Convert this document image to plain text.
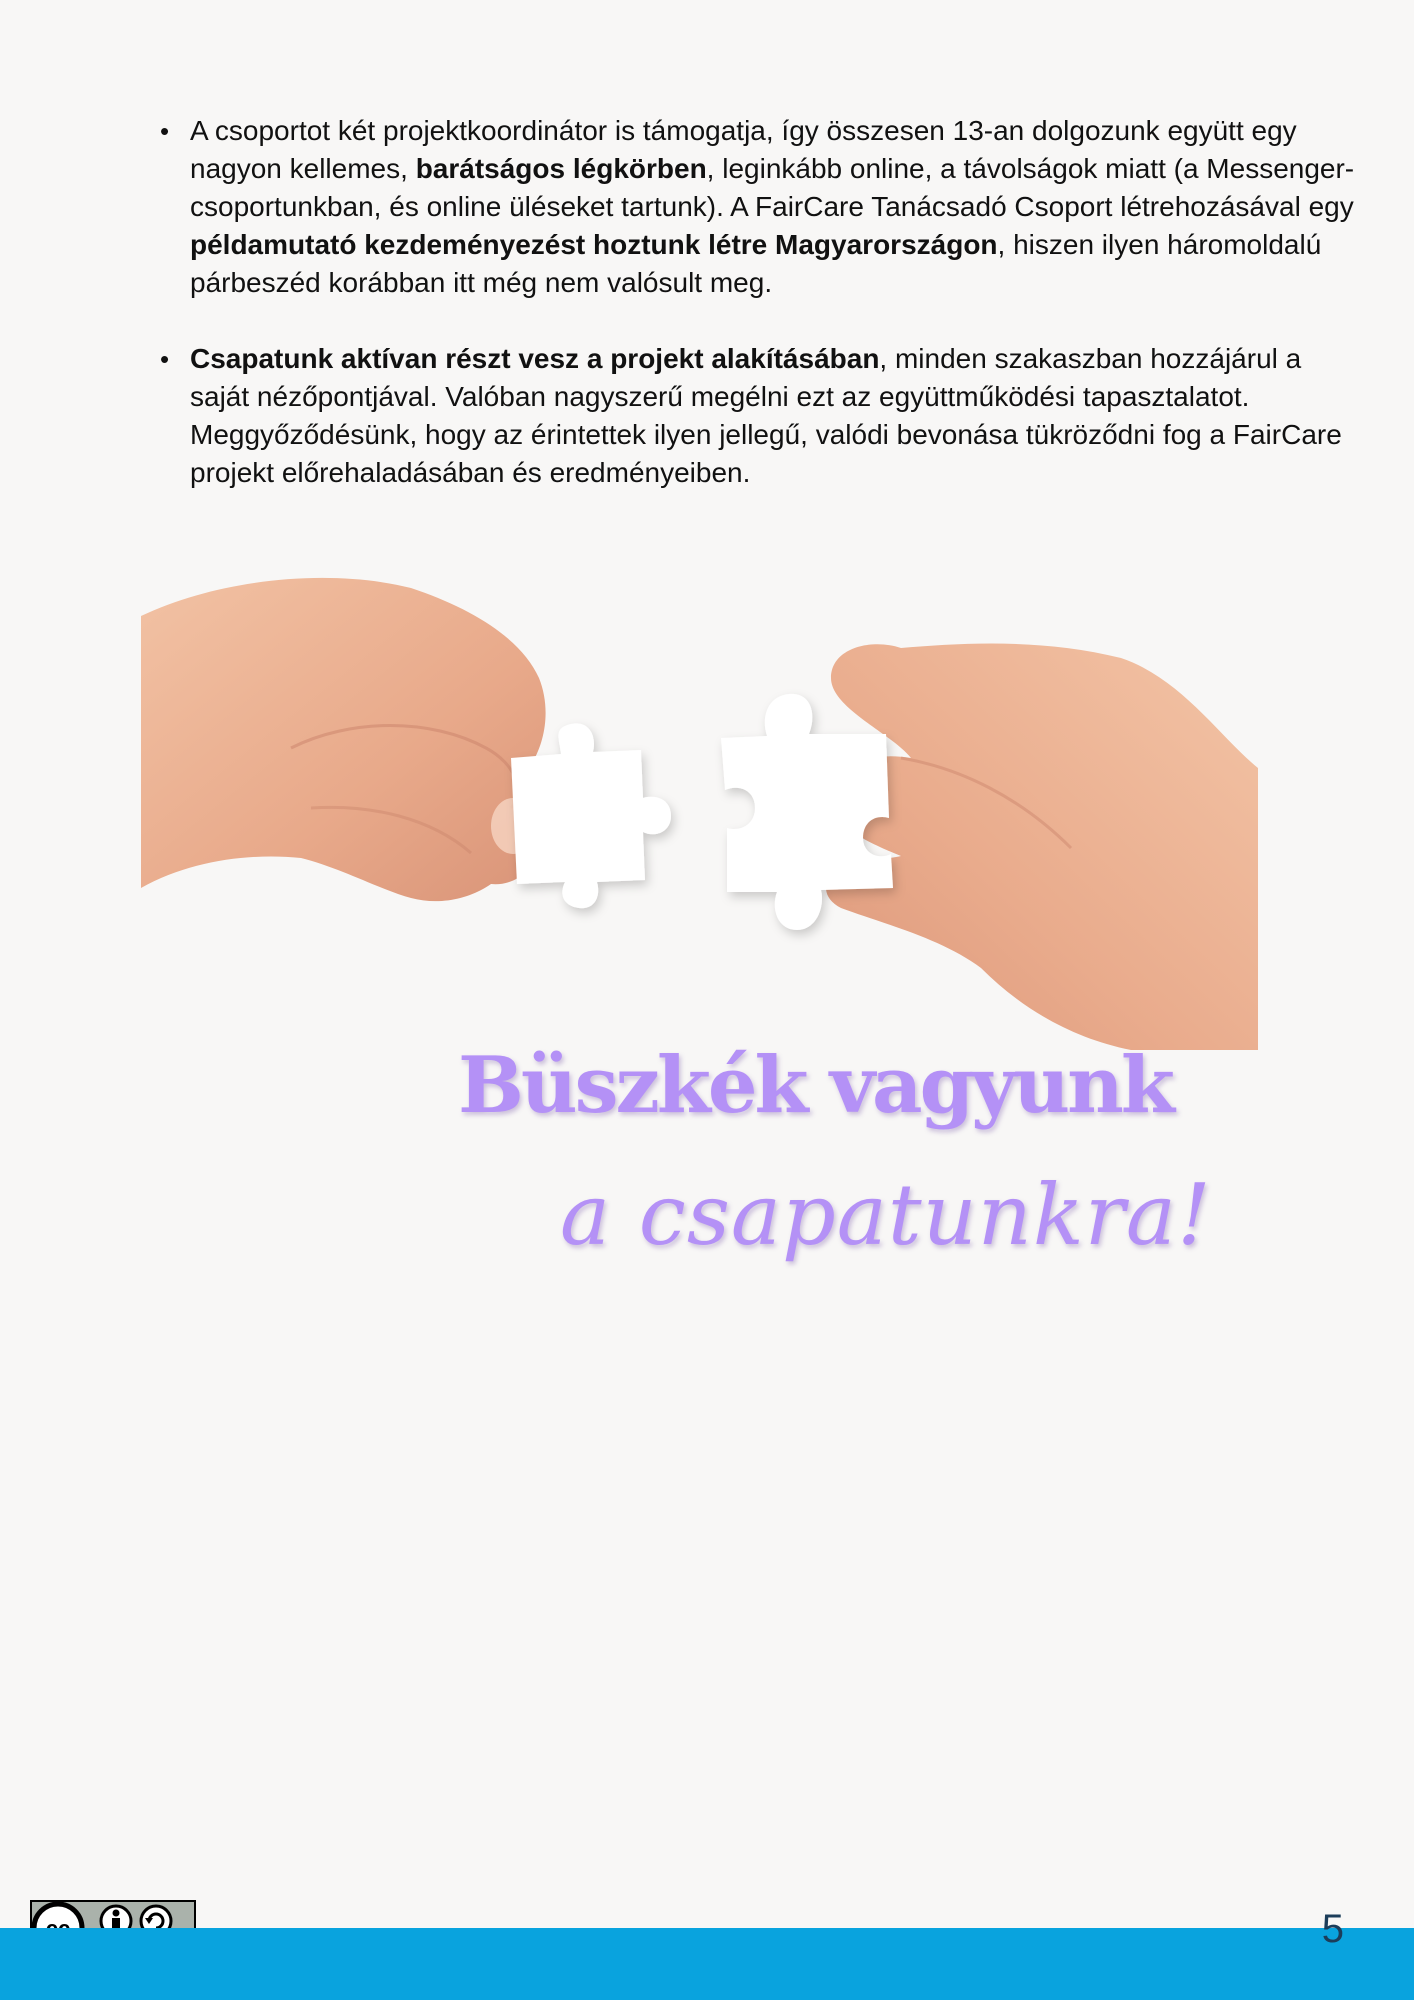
• A csoportot két projektkoordinátor is támogatja, így összesen 13-an dolgozunk együtt egy nagyon kellemes, barátságos légkörben, leginkább online, a távolságok miatt (a Messenger-csoportunkban, és online üléseket tartunk). A FairCare Tanácsadó Csoport létrehozásával egy példamutató kezdeményezést hoztunk létre Magyarországon, hiszen ilyen háromoldalú párbeszéd korábban itt még nem valósult meg.
• Csapatunk aktívan részt vesz a projekt alakításában, minden szakaszban hozzájárul a saját nézőpontjával. Valóban nagyszerű megélni ezt az együttműködési tapasztalatot. Meggyőződésünk, hogy az érintettek ilyen jellegű, valódi bevonása tükröződni fog a FairCare projekt előrehaladásában és eredményeiben.
Büszkék vagyunk
a csapatunkra!
5
